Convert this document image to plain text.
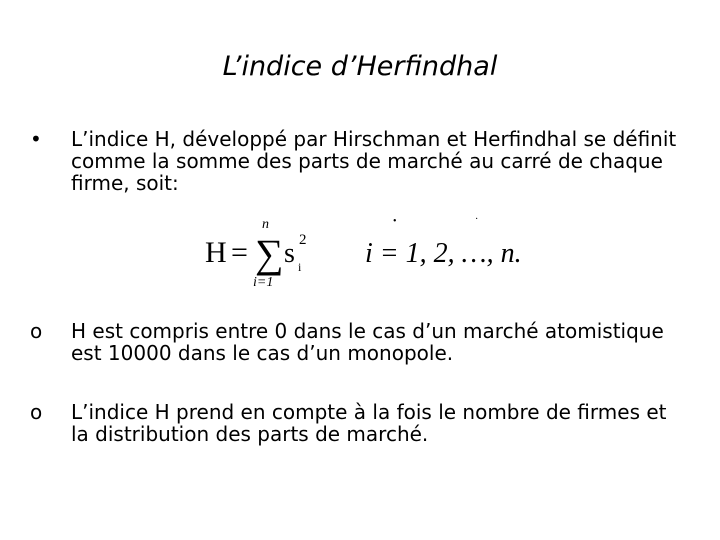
L’indice d’Herfindhal
• L’indice H, développé par Hirschman et Herfindhal se définit comme la somme des parts de marché au carré de chaque firme, soit:
•	·
H =
n
∑
i=1
s 2
i i = 1, 2, …, n.
o H est compris entre 0 dans le cas d’un marché atomistique est 10000 dans le cas d’un monopole.
o L’indice H prend en compte à la fois le nombre de firmes et la distribution des parts de marché.
